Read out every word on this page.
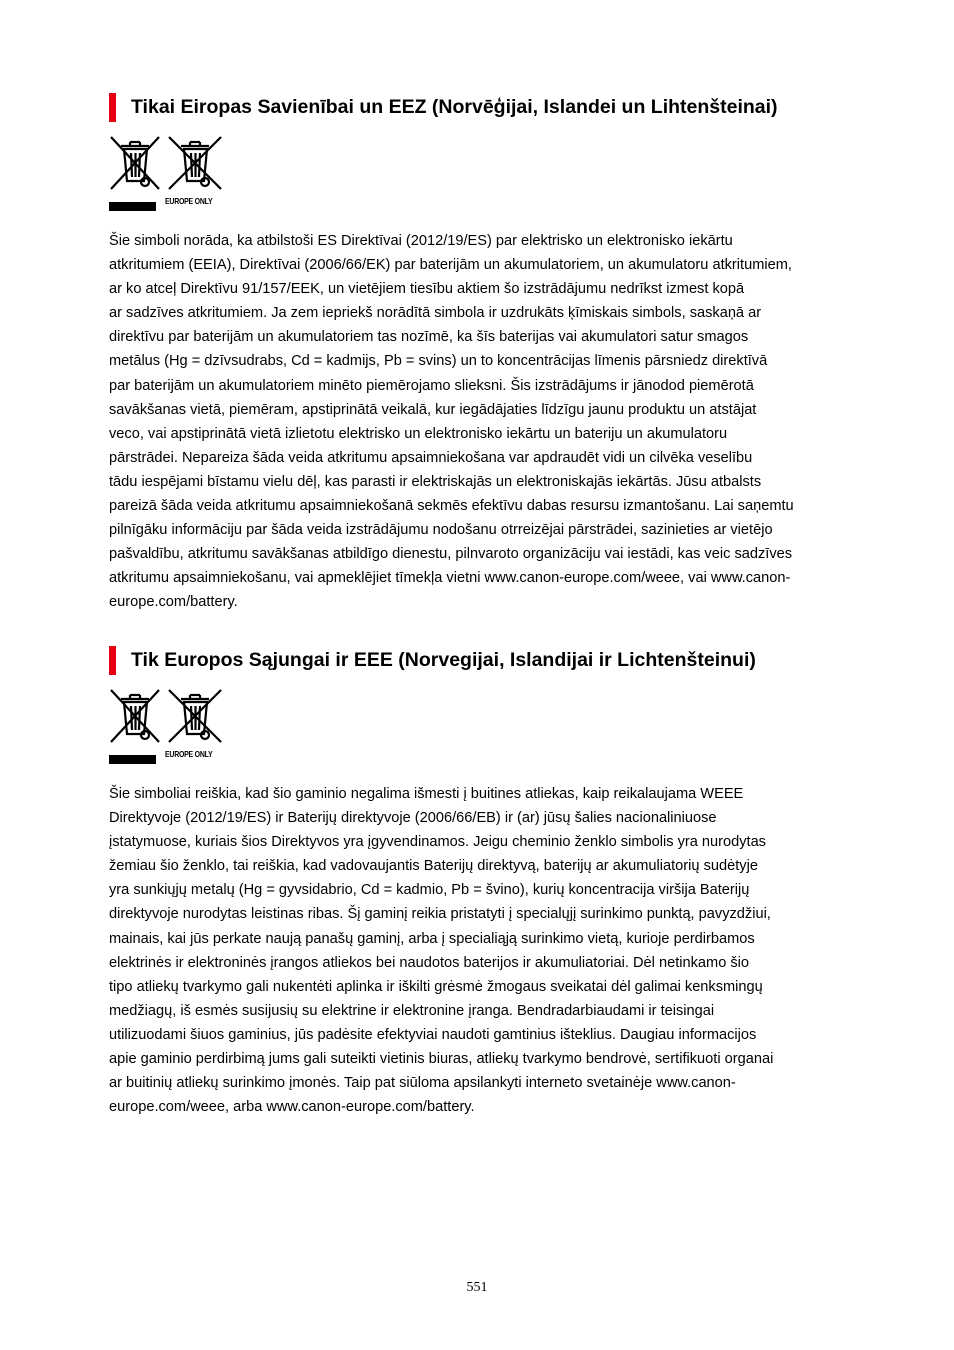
Tikai Eiropas Savienībai un EEZ (Norvēģijai, Islandei un Lihtenšteinai)
EUROPE ONLY
Šie simboli norāda, ka atbilstoši ES Direktīvai (2012/19/ES) par elektrisko un elektronisko iekārtu
atkritumiem (EEIA), Direktīvai (2006/66/EK) par baterijām un akumulatoriem, un akumulatoru atkritumiem,
ar ko atceļ Direktīvu 91/157/EEK, un vietējiem tiesību aktiem šo izstrādājumu nedrīkst izmest kopā
ar sadzīves atkritumiem. Ja zem iepriekš norādītā simbola ir uzdrukāts ķīmiskais simbols, saskaņā ar
direktīvu par baterijām un akumulatoriem tas nozīmē, ka šīs baterijas vai akumulatori satur smagos
metālus (Hg = dzīvsudrabs, Cd = kadmijs, Pb = svins) un to koncentrācijas līmenis pārsniedz direktīvā
par baterijām un akumulatoriem minēto piemērojamo slieksni. Šis izstrādājums ir jānodod piemērotā
savākšanas vietā, piemēram, apstiprinātā veikalā, kur iegādājaties līdzīgu jaunu produktu un atstājat
veco, vai apstiprinātā vietā izlietotu elektrisko un elektronisko iekārtu un bateriju un akumulatoru
pārstrādei. Nepareiza šāda veida atkritumu apsaimniekošana var apdraudēt vidi un cilvēka veselību
tādu iespējami bīstamu vielu dēļ, kas parasti ir elektriskajās un elektroniskajās iekārtās. Jūsu atbalsts
pareizā šāda veida atkritumu apsaimniekošanā sekmēs efektīvu dabas resursu izmantošanu. Lai saņemtu
pilnīgāku informāciju par šāda veida izstrādājumu nodošanu otrreizējai pārstrādei, sazinieties ar vietējo
pašvaldību, atkritumu savākšanas atbildīgo dienestu, pilnvaroto organizāciju vai iestādi, kas veic sadzīves
atkritumu apsaimniekošanu, vai apmeklējiet tīmekļa vietni www.canon-europe.com/weee, vai www.canon-
europe.com/battery.
Tik Europos Sąjungai ir EEE (Norvegijai, Islandijai ir Lichtenšteinui)
EUROPE ONLY
Šie simboliai reiškia, kad šio gaminio negalima išmesti į buitines atliekas, kaip reikalaujama WEEE
Direktyvoje (2012/19/ES) ir Baterijų direktyvoje (2006/66/EB) ir (ar) jūsų šalies nacionaliniuose
įstatymuose, kuriais šios Direktyvos yra įgyvendinamos. Jeigu cheminio ženklo simbolis yra nurodytas
žemiau šio ženklo, tai reiškia, kad vadovaujantis Baterijų direktyvą, baterijų ar akumuliatorių sudėtyje
yra sunkiųjų metalų (Hg = gyvsidabrio, Cd = kadmio, Pb = švino), kurių koncentracija viršija Baterijų
direktyvoje nurodytas leistinas ribas. Šį gaminį reikia pristatyti į specialųjį surinkimo punktą, pavyzdžiui,
mainais, kai jūs perkate naują panašų gaminį, arba į specialiąją surinkimo vietą, kurioje perdirbamos
elektrinės ir elektroninės įrangos atliekos bei naudotos baterijos ir akumuliatoriai. Dėl netinkamo šio
tipo atliekų tvarkymo gali nukentėti aplinka ir iškilti grėsmė žmogaus sveikatai dėl galimai kenksmingų
medžiagų, iš esmės susijusių su elektrine ir elektronine įranga. Bendradarbiaudami ir teisingai
utilizuodami šiuos gaminius, jūs padėsite efektyviai naudoti gamtinius išteklius. Daugiau informacijos
apie gaminio perdirbimą jums gali suteikti vietinis biuras, atliekų tvarkymo bendrovė, sertifikuoti organai
ar buitinių atliekų surinkimo įmonės. Taip pat siūloma apsilankyti interneto svetainėje www.canon-
europe.com/weee, arba www.canon-europe.com/battery.
551
